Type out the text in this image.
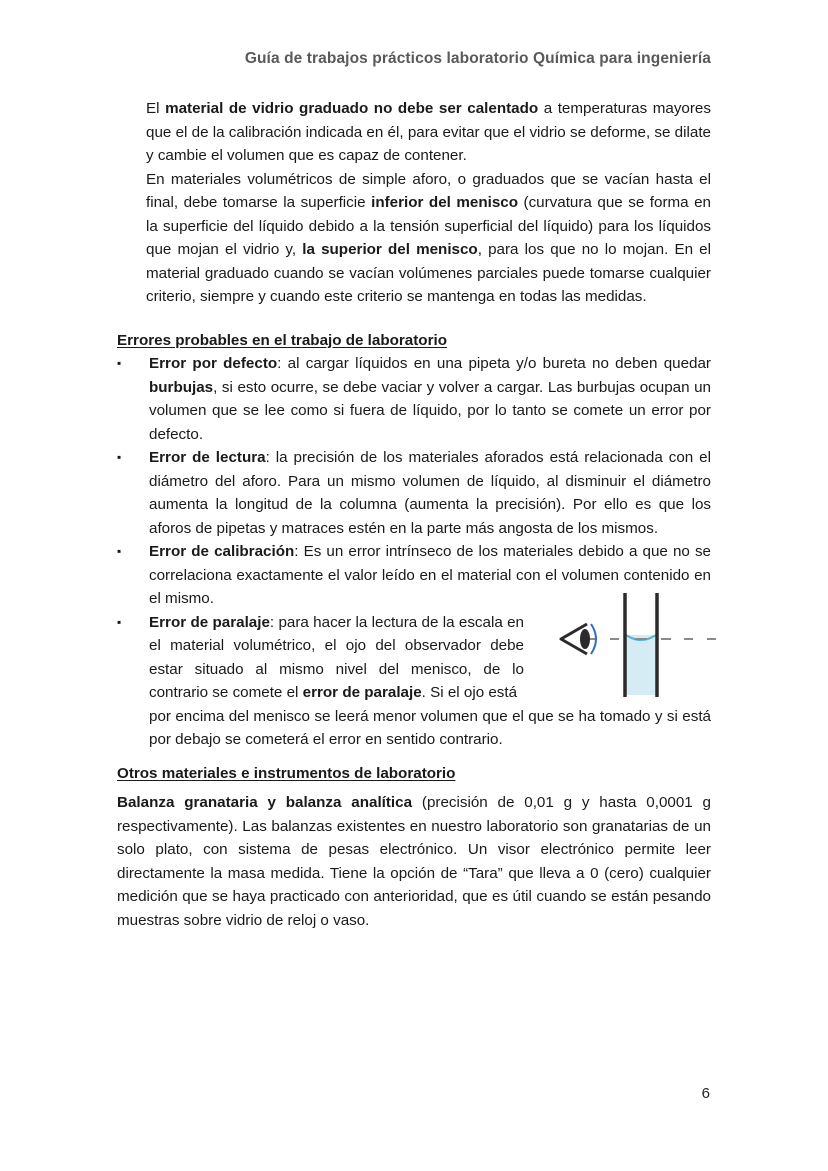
Guía de trabajos prácticos laboratorio Química para ingeniería

El material de vidrio graduado no debe ser calentado a temperaturas mayores que el de la calibración indicada en él, para evitar que el vidrio se deforme, se dilate y cambie el volumen que es capaz de contener.

En materiales volumétricos de simple aforo, o graduados que se vacían hasta el final, debe tomarse la superficie inferior del menisco (curvatura que se forma en la superficie del líquido debido a la tensión superficial del líquido) para los líquidos que mojan el vidrio y, la superior del menisco, para los que no lo mojan. En el material graduado cuando se vacían volúmenes parciales puede tomarse cualquier criterio, siempre y cuando este criterio se mantenga en todas las medidas.

Errores probables en el trabajo de laboratorio

▪	Error por defecto: al cargar líquidos en una pipeta y/o bureta no deben quedar burbujas, si esto ocurre, se debe vaciar y volver a cargar. Las burbujas ocupan un volumen que se lee como si fuera de líquido, por lo tanto se comete un error por defecto.
▪	Error de lectura: la precisión de los materiales aforados está relacionada con el diámetro del aforo. Para un mismo volumen de líquido, al disminuir el diámetro aumenta la longitud de la columna (aumenta la precisión). Por ello es que los aforos de pipetas y matraces estén en la parte más angosta de los mismos.
▪	Error de calibración: Es un error intrínseco de los materiales debido a que no se correlaciona exactamente el valor leído en el material con el volumen contenido en el mismo.
▪	Error de paralaje: para hacer la lectura de la escala en el material volumétrico, el ojo del observador debe estar situado al mismo nivel del menisco, de lo contrario se comete el error de paralaje. Si el ojo está
por encima del menisco se leerá menor volumen que el que se ha tomado y si está por debajo se cometerá el error en sentido contrario.

Otros materiales e instrumentos de laboratorio

Balanza granataria y balanza analítica (precisión de 0,01 g y hasta 0,0001 g respectivamente). Las balanzas existentes en nuestro laboratorio son granatarias de un solo plato, con sistema de pesas electrónico. Un visor electrónico permite leer directamente la masa medida. Tiene la opción de “Tara” que lleva a 0 (cero) cualquier medición que se haya practicado con anterioridad, que es útil cuando se están pesando muestras sobre vidrio de reloj o vaso.

6
